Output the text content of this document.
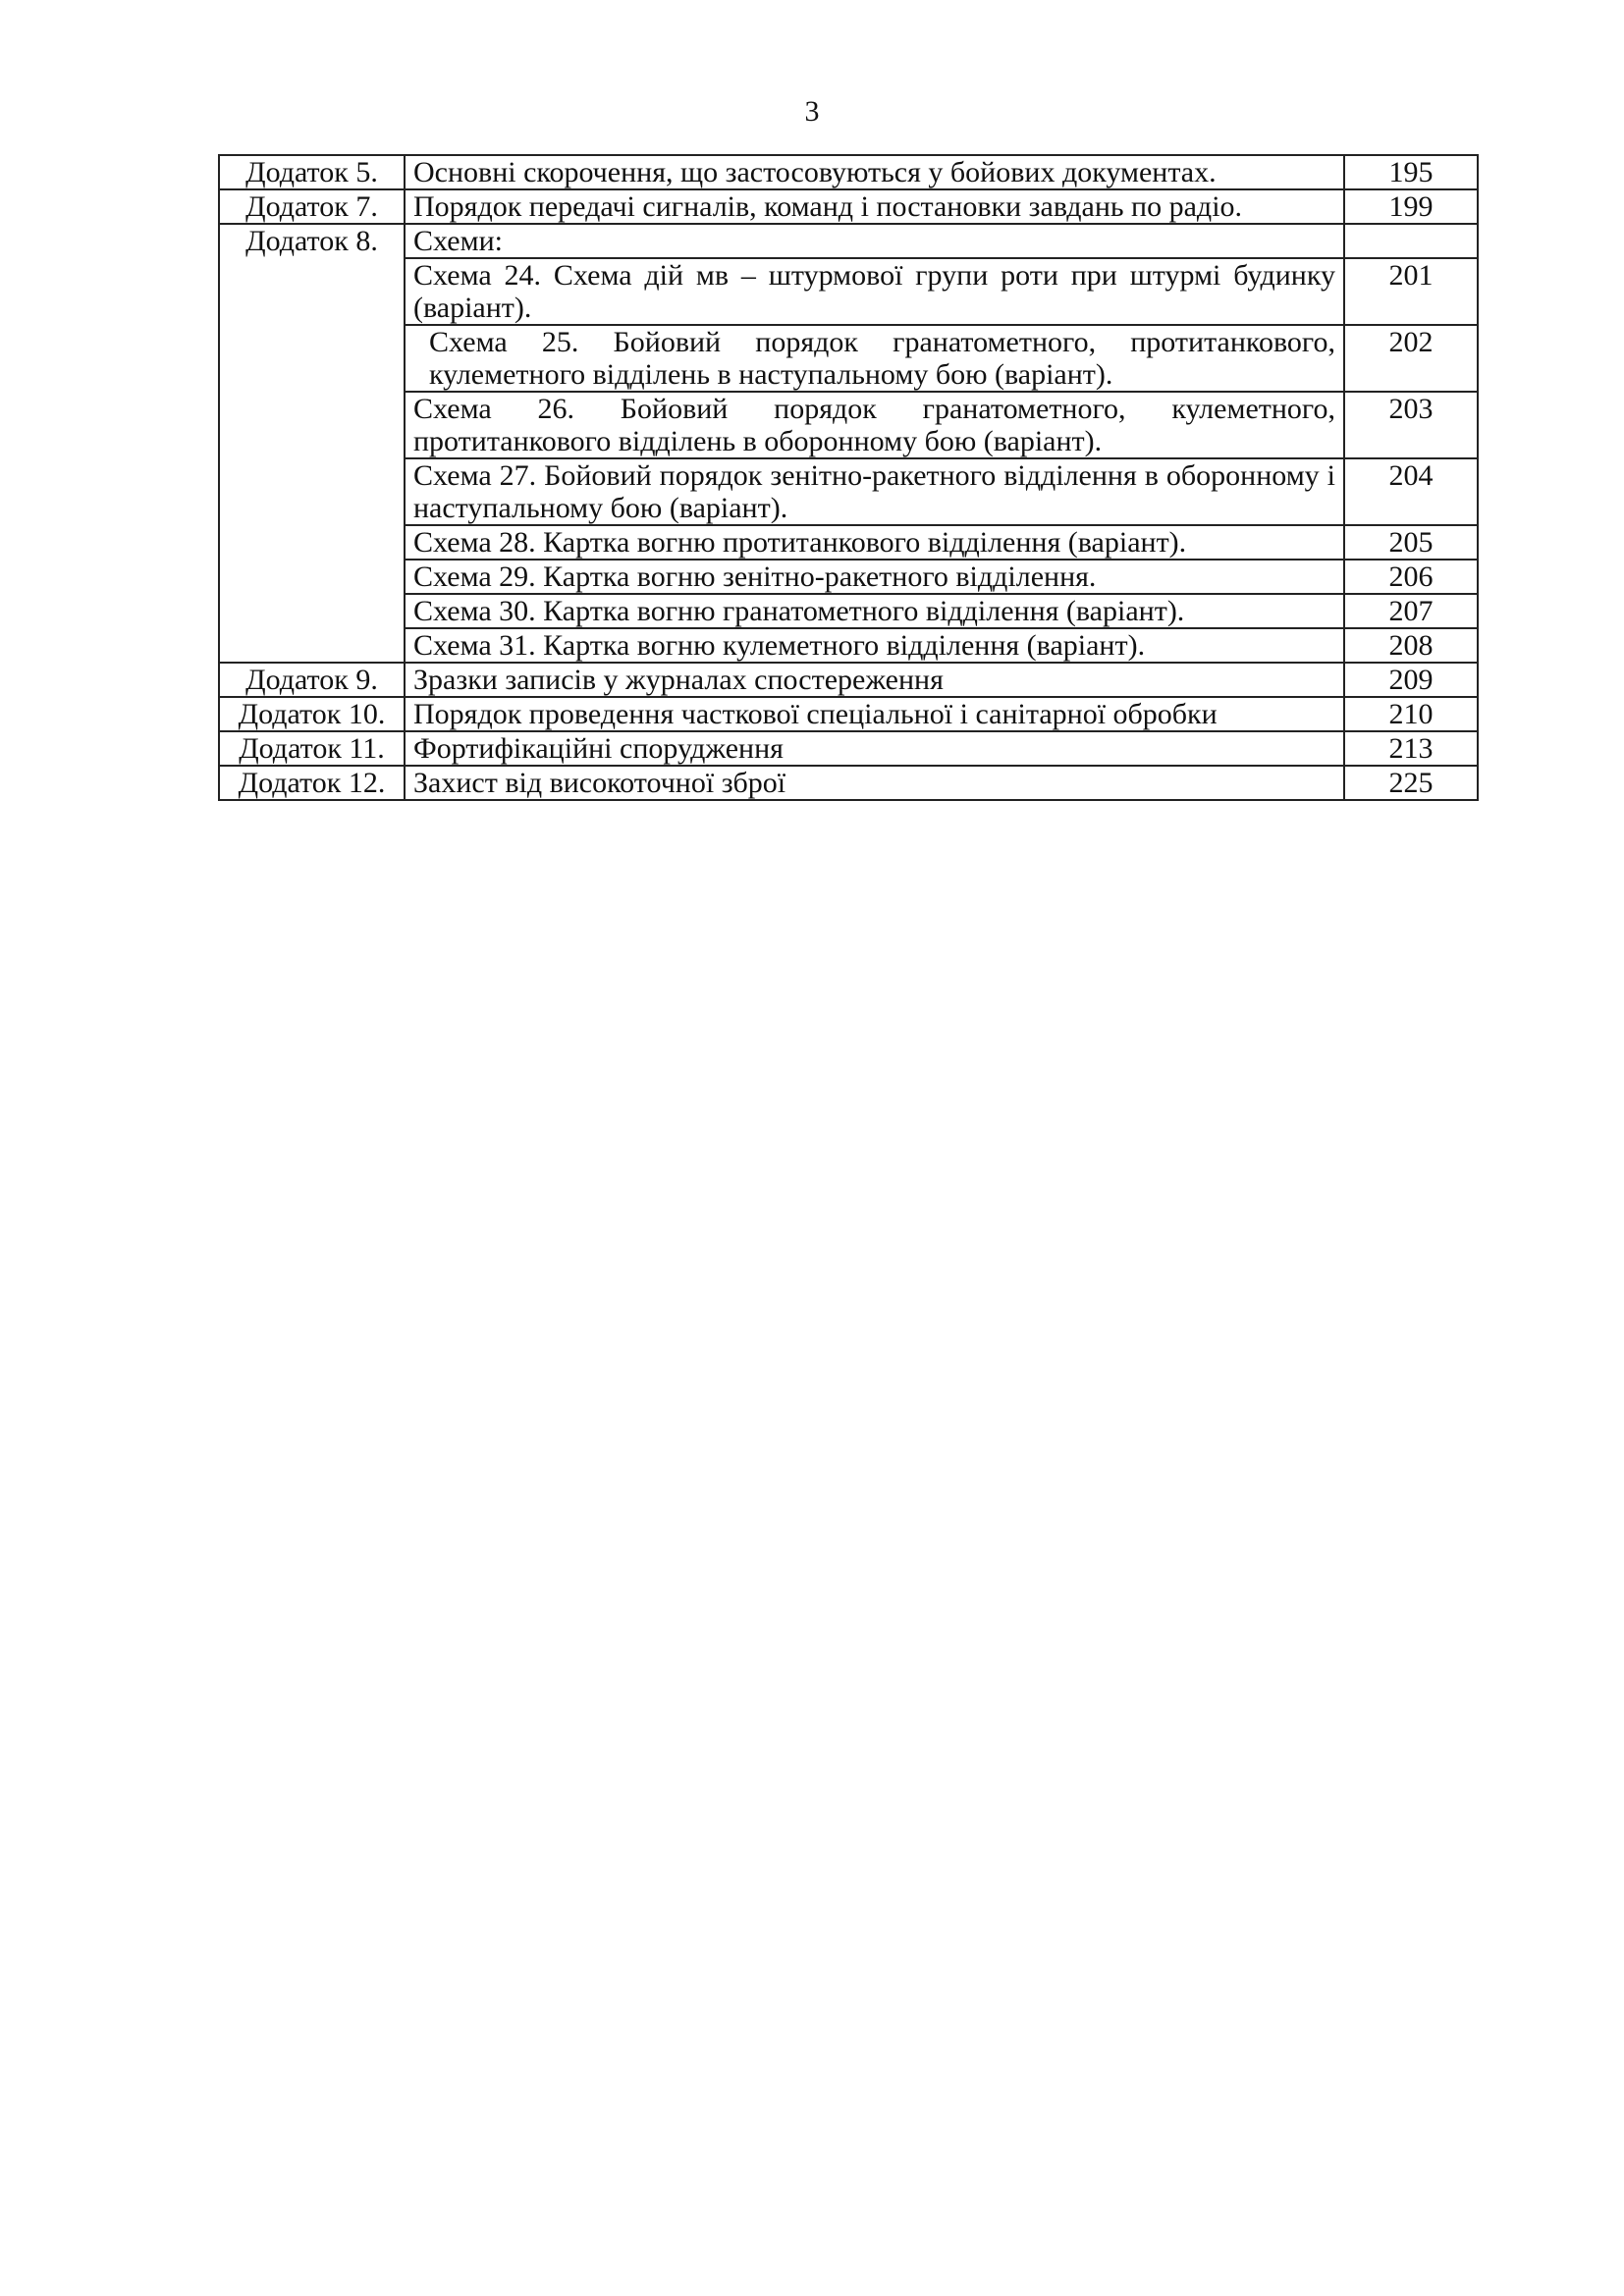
3
Додаток 5.	Основні скорочення, що застосовуються у бойових документах.	195
Додаток 7.	Порядок передачі сигналів, команд і постановки завдань по радіо.	199
Додаток 8.	Схеми:	
	Схема 24. Схема дій мв – штурмової групи роти при штурмі будинку (варіант).	201
	Схема 25. Бойовий порядок гранатометного, протитанкового, кулеметного відділень в наступальному бою (варіант).	202
	Схема 26. Бойовий порядок гранатометного, кулеметного, протитанкового відділень в оборонному бою (варіант).	203
	Схема 27. Бойовий порядок зенітно-ракетного відділення в оборонному і наступальному бою (варіант).	204
	Схема 28. Картка вогню протитанкового відділення (варіант).	205
	Схема 29. Картка вогню зенітно-ракетного відділення.	206
	Схема 30. Картка вогню гранатометного відділення (варіант).	207
	Схема 31. Картка вогню кулеметного відділення (варіант).	208
Додаток 9.	Зразки записів у журналах спостереження	209
Додаток 10.	Порядок проведення часткової спеціальної і санітарної обробки	210
Додаток 11.	Фортифікаційні спорудження	213
Додаток 12.	Захист від високоточної зброї	225
